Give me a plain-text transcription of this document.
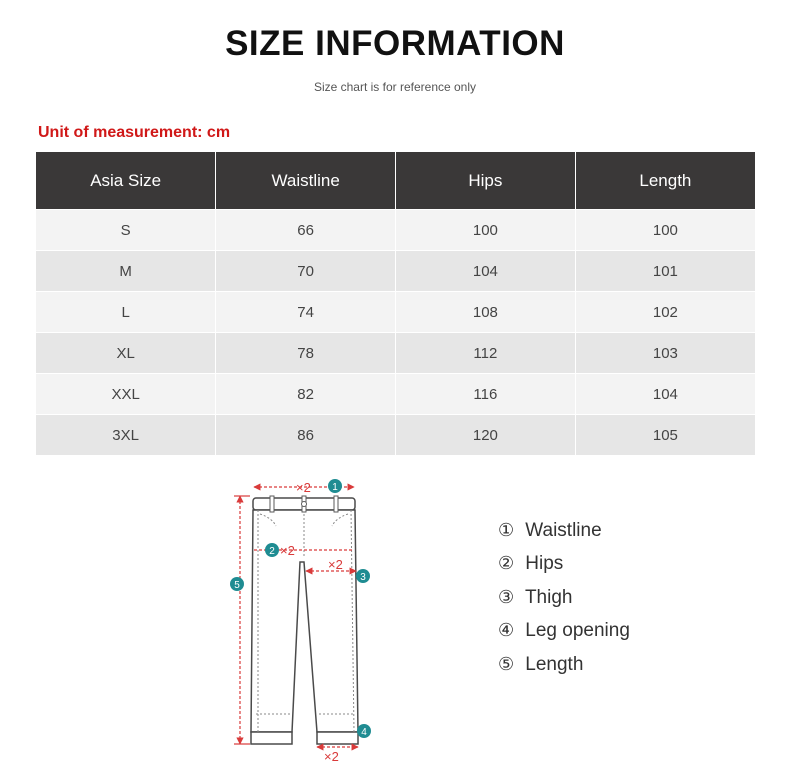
SIZE INFORMATION
Size chart is for reference only
Unit of measurement: cm
Asia Size	Waistline	Hips	Length
S	66	100	100
M	70	104	101
L	74	108	102
XL	78	112	103
XXL	82	116	104
3XL	86	120	105
×2
×2
×2
×2
1
2
3
4
5
① Waistline
② Hips
③ Thigh
④ Leg opening
⑤ Length
